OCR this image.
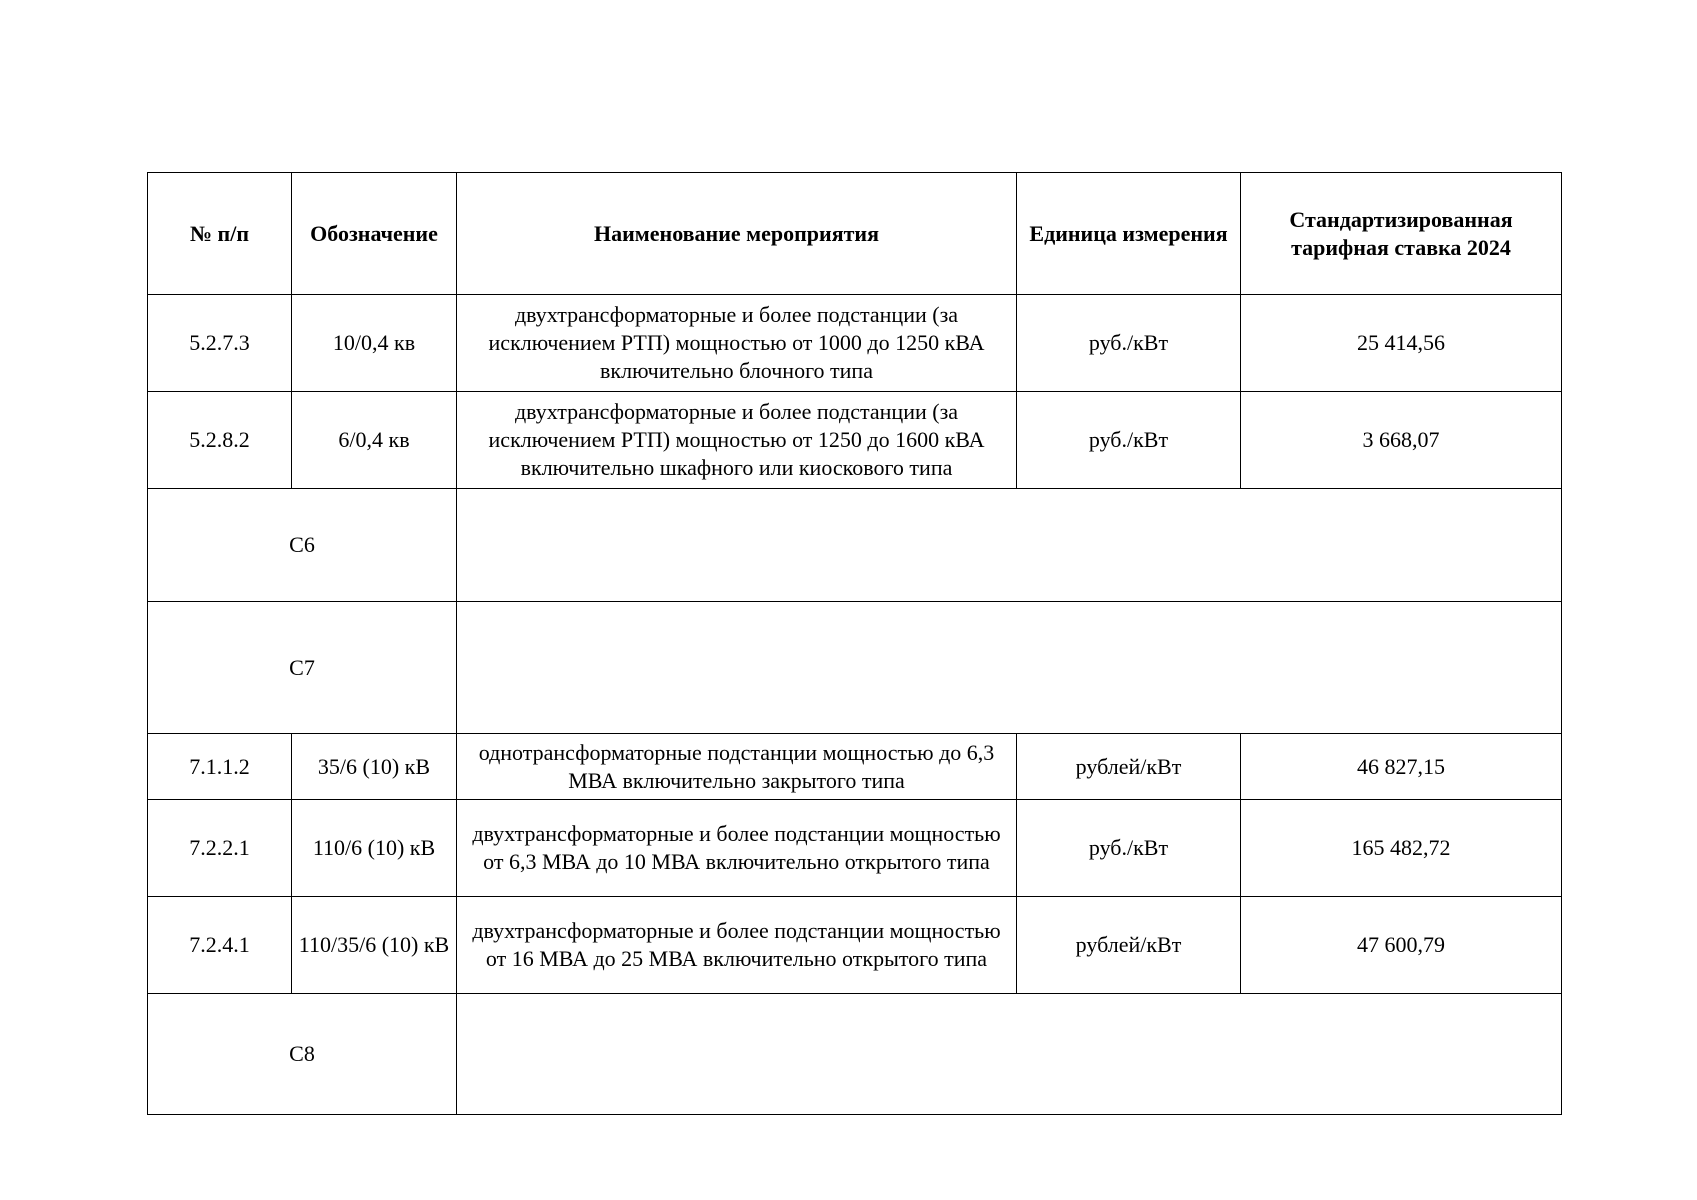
№ п/п	Обозначение	Наименование мероприятия	Единица измерения	Стандартизированная тарифная ставка 2024
5.2.7.3	10/0,4 кв	двухтрансформаторные и более подстанции (за исключением РТП) мощностью от 1000 до 1250 кВА включительно блочного типа	руб./кВт	25 414,56
5.2.8.2	6/0,4 кв	двухтрансформаторные и более подстанции (за исключением РТП) мощностью от 1250 до 1600 кВА включительно шкафного или киоскового типа	руб./кВт	3 668,07
С6				
С7				
7.1.1.2	35/6 (10) кВ	однотрансформаторные подстанции мощностью до 6,3 МВА включительно закрытого типа	рублей/кВт	46 827,15
7.2.2.1	110/6 (10) кВ	двухтрансформаторные и более подстанции мощностью от 6,3 МВА до 10 МВА включительно открытого типа	руб./кВт	165 482,72
7.2.4.1	110/35/6 (10) кВ	двухтрансформаторные и более подстанции мощностью от 16 МВА до 25 МВА включительно открытого типа	рублей/кВт	47 600,79
С8				
